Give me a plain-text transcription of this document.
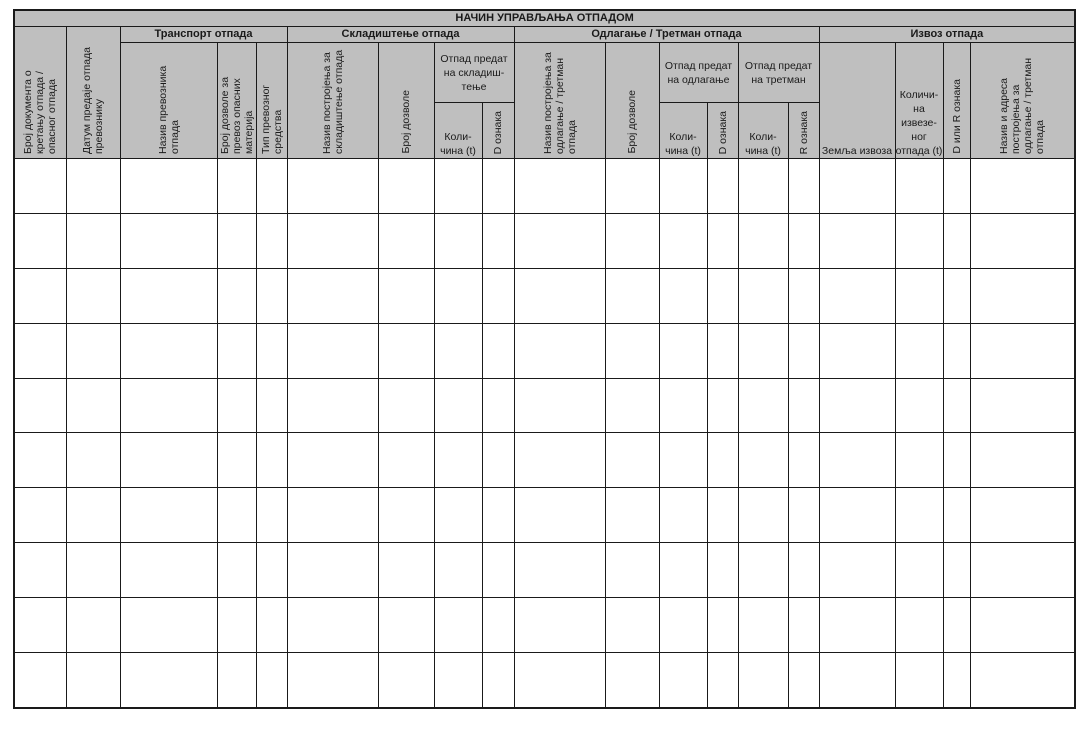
НАЧИН УПРАВЉАЊА ОТПАДОМ																		

Број документа о кретању отпада / опасног отпада	Датум предаје отпада превознику	Транспорт отпада			Складиштење отпада				Одлагање / Третман отпада						Извоз отпада			

		Назив превозника отпада	Број дозволе за превоз опасних материја	Тип превозног средства	Назив постројења за складиштење отпада	Број дозволе	Отпад предат на складиш-тење		Назив постројења за одлагање / третман отпада	Број дозволе	Отпад предат на одлагање		Отпад предат на третман		Земља извоза	Количи-на извезе-ног отпада (t)	D или R ознака	Назив и адреса постројења за одлагање / третман отпада

							Коли-чина (t)	D ознака			Коли-чина (t)	D ознака	Коли-чина (t)	R ознака				
